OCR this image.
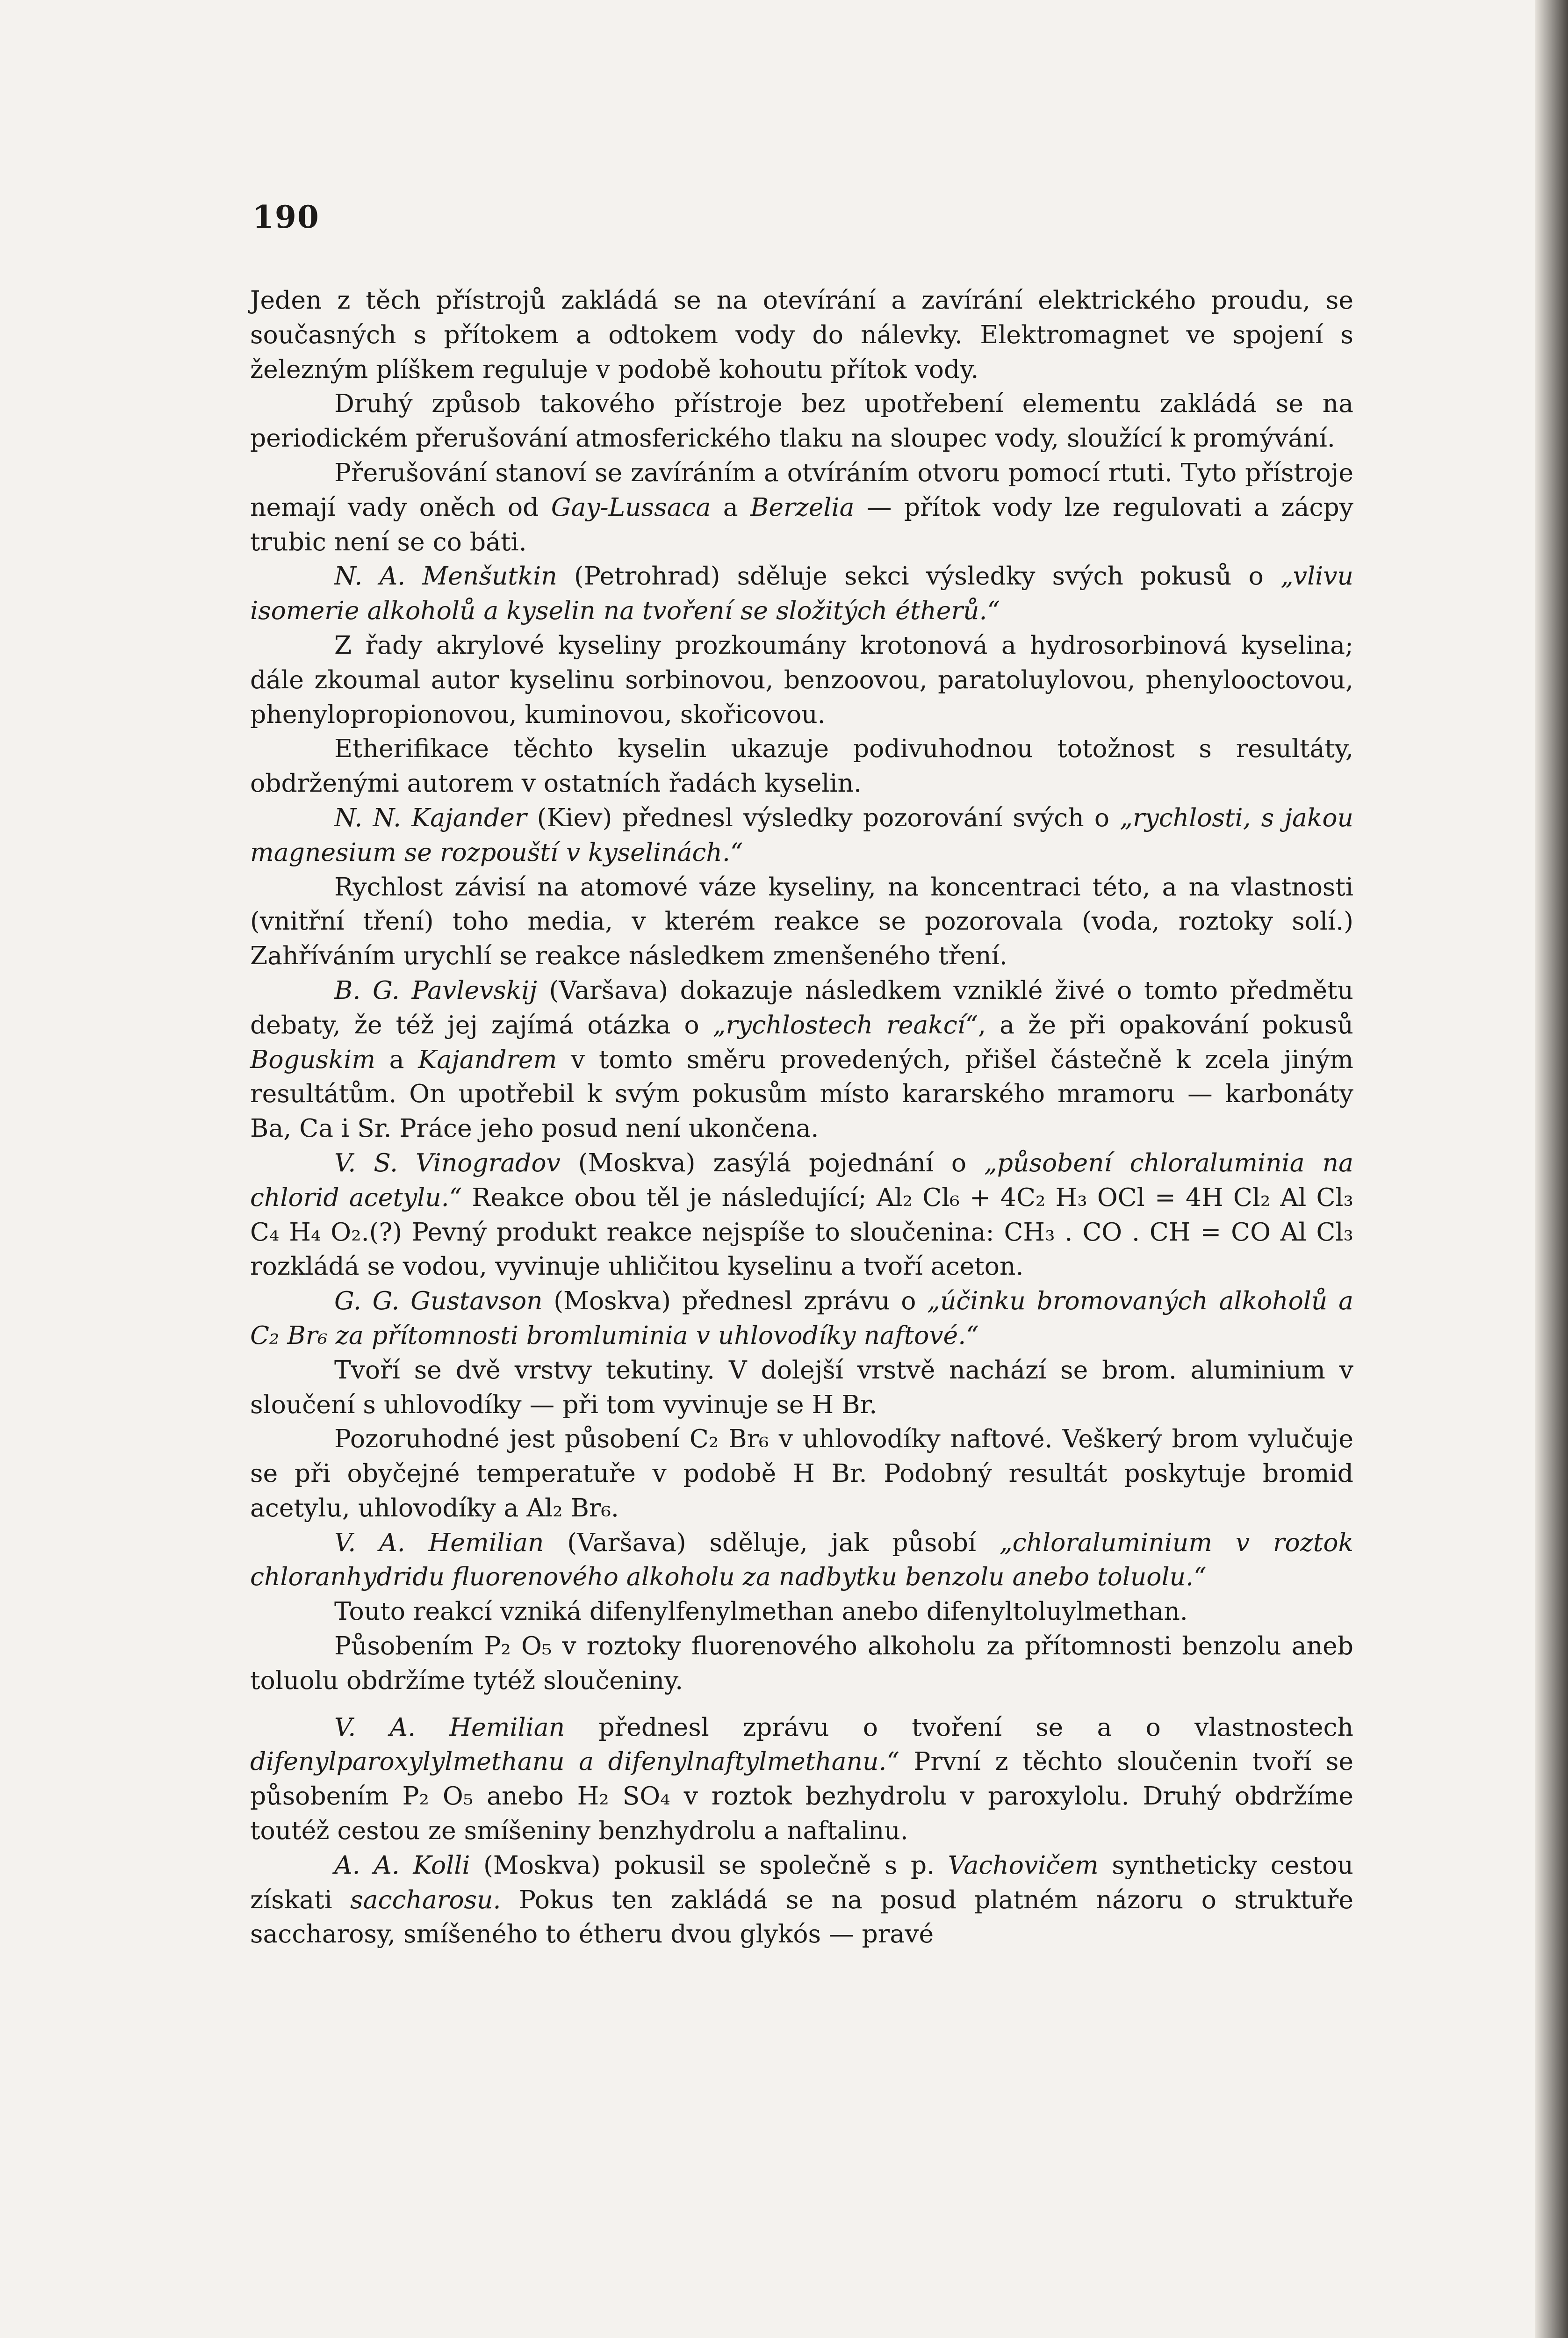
190

Jeden z těch přístrojů zakládá se na otevírání a zavírání elektrického proudu, se současných s přítokem a odtokem vody do nálevky. Elektromagnet ve spojení s železným plíškem reguluje v podobě kohoutu přítok vody.

Druhý způsob takového přístroje bez upotřebení elementu zakládá se na periodickém přerušování atmosferického tlaku na sloupec vody, sloužící k promývání.

Přerušování stanoví se zavíráním a otvíráním otvoru pomocí rtuti. Tyto přístroje nemají vady oněch od Gay-Lussaca a Berzelia — přítok vody lze regulovati a zácpy trubic není se co báti.

N. A. Menšutkin (Petrohrad) sděluje sekci výsledky svých pokusů o „vlivu isomerie alkoholů a kyselin na tvoření se složitých étherů.“

Z řady akrylové kyseliny prozkoumány krotonová a hydrosorbinová kyselina; dále zkoumal autor kyselinu sorbinovou, benzoovou, paratoluylovou, phenylooctovou, phenylopropionovou, kuminovou, skořicovou.

Etherifikace těchto kyselin ukazuje podivuhodnou totožnost s resultáty, obdrženými autorem v ostatních řadách kyselin.

N. N. Kajander (Kiev) přednesl výsledky pozorování svých o „rychlosti, s jakou magnesium se rozpouští v kyselinách.“

Rychlost závisí na atomové váze kyseliny, na koncentraci této, a na vlastnosti (vnitřní tření) toho media, v kterém reakce se pozorovala (voda, roztoky solí.) Zahříváním urychlí se reakce následkem zmenšeného tření.

B. G. Pavlevskij (Varšava) dokazuje následkem vzniklé živé o tomto předmětu debaty, že též jej zajímá otázka o „rychlostech reakcí“, a že při opakování pokusů Boguskim a Kajandrem v tomto směru provedených, přišel částečně k zcela jiným resultátům. On upotřebil k svým pokusům místo kararského mramoru — karbonáty Ba, Ca i Sr. Práce jeho posud není ukončena.

V. S. Vinogradov (Moskva) zasýlá pojednání o „působení chloraluminia na chlorid acetylu.“ Reakce obou těl je následující; Al₂ Cl₆ + 4C₂ H₃ OCl = 4H Cl₂ Al Cl₃ C₄ H₄ O₂.(?) Pevný produkt reakce nejspíše to sloučenina: CH₃ . CO . CH = CO Al Cl₃ rozkládá se vodou, vyvinuje uhličitou kyselinu a tvoří aceton.

G. G. Gustavson (Moskva) přednesl zprávu o „účinku bromovaných alkoholů a C₂ Br₆ za přítomnosti bromluminia v uhlovodíky naftové.“

Tvoří se dvě vrstvy tekutiny. V dolejší vrstvě nachází se brom. aluminium v sloučení s uhlovodíky — při tom vyvinuje se H Br.

Pozoruhodné jest působení C₂ Br₆ v uhlovodíky naftové. Veškerý brom vylučuje se při obyčejné temperatuře v podobě H Br. Podobný resultát poskytuje bromid acetylu, uhlovodíky a Al₂ Br₆.

V. A. Hemilian (Varšava) sděluje, jak působí „chloraluminium v roztok chloranhydridu fluorenového alkoholu za nadbytku benzolu anebo toluolu.“

Touto reakcí vzniká difenylfenylmethan anebo difenyltoluylmethan.

Působením P₂ O₅ v roztoky fluorenového alkoholu za přítomnosti benzolu aneb toluolu obdržíme tytéž sloučeniny.

V. A. Hemilian přednesl zprávu o tvoření se a o vlastnostech difenylparoxylylmethanu a difenylnaftylmethanu.“ První z těchto sloučenin tvoří se působením P₂ O₅ anebo H₂ SO₄ v roztok bezhydrolu v paroxylolu. Druhý obdržíme toutéž cestou ze smíšeniny benzhydrolu a naftalinu.

A. A. Kolli (Moskva) pokusil se společně s p. Vachovičem syntheticky cestou získati saccharosu. Pokus ten zakládá se na posud platném názoru o struktuře saccharosy, smíšeného to étheru dvou glykós — pravé
